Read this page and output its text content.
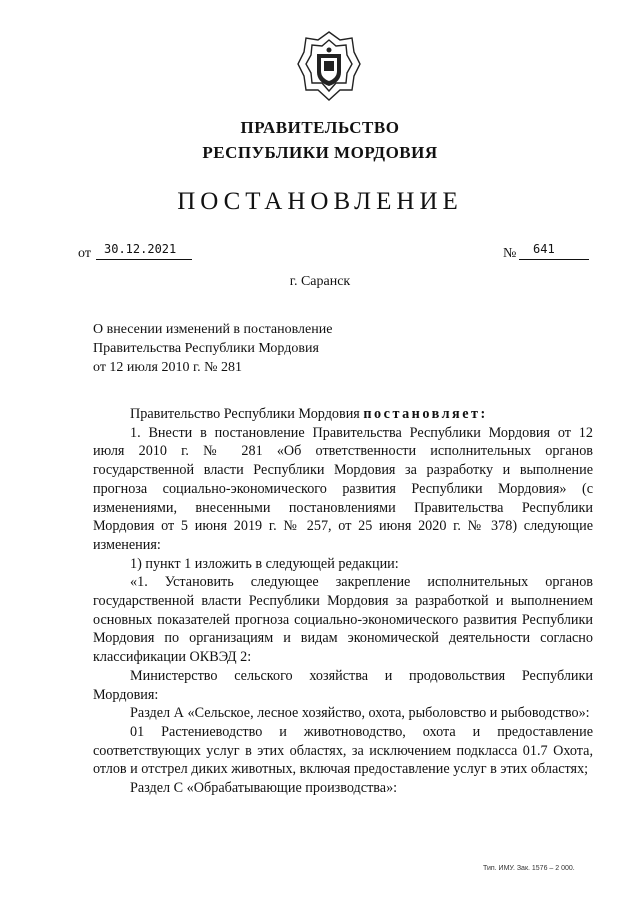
ПРАВИТЕЛЬСТВО
РЕСПУБЛИКИ МОРДОВИЯ
ПОСТАНОВЛЕНИЕ
от 30.12.2021	№ 641
г. Саранск
О внесении изменений в постановление
Правительства Республики Мордовия
от 12 июля 2010 г. № 281

Правительство Республики Мордовия постановляет:

1. Внести в постановление Правительства Республики Мордовия от 12 июля 2010 г. № 281 «Об ответственности исполнительных органов государственной власти Республики Мордовия за разработку и выполнение прогноза социально-экономического развития Республики Мордовия» (с изменениями, внесенными постановлениями Правительства Республики Мордовия от 5 июня 2019 г. № 257, от 25 июня 2020 г. № 378) следующие изменения:

1) пункт 1 изложить в следующей редакции:

«1. Установить следующее закрепление исполнительных органов государственной власти Республики Мордовия за разработкой и выполнением основных показателей прогноза социально-экономического развития Республики Мордовия по организациям и видам экономической деятельности согласно классификации ОКВЭД 2:

Министерство сельского хозяйства и продовольствия Республики Мордовия:

Раздел А «Сельское, лесное хозяйство, охота, рыболовство и рыбоводство»:

01 Растениеводство и животноводство, охота и предоставление соответствующих услуг в этих областях, за исключением подкласса 01.7 Охота, отлов и отстрел диких животных, включая предоставление услуг в этих областях;

Раздел С «Обрабатывающие производства»:

Тип. ИМУ. Зак. 1576 – 2 000.
